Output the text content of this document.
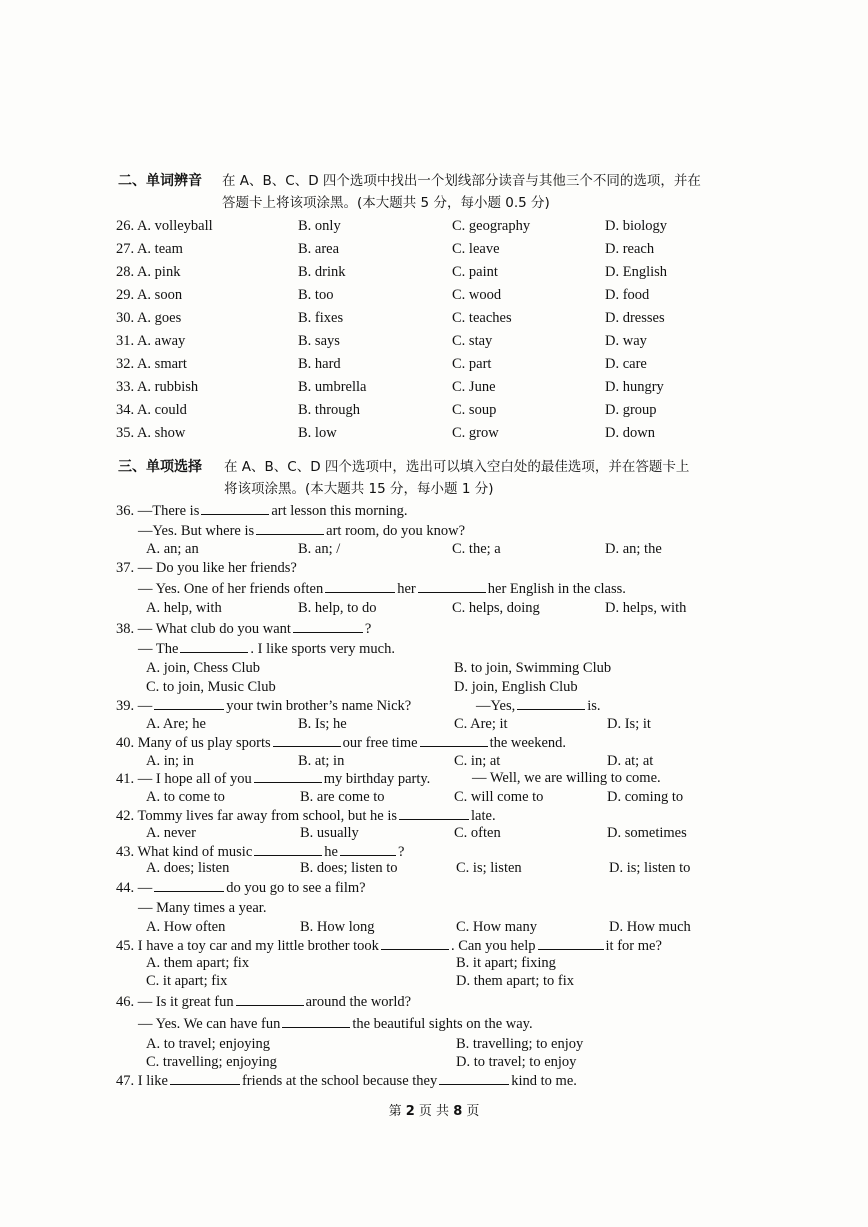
二、单词辨音 在 A、B、C、D 四个选项中找出一个划线部分读音与其他三个不同的选项，并在
答题卡上将该项涂黑。(本大题共 5 分，每小题 0.5 分)
26. A. volleyball	B. only	C. geography	D. biology
27. A. team	B. area	C. leave	D. reach
28. A. pink	B. drink	C. paint	D. English
29. A. soon	B. too	C. wood	D. food
30. A. goes	B. fixes	C. teaches	D. dresses
31. A. away	B. says	C. stay	D. way
32. A. smart	B. hard	C. part	D. care
33. A. rubbish	B. umbrella	C. June	D. hungry
34. A. could	B. through	C. soup	D. group
35. A. show	B. low	C. grow	D. down
三、单项选择 在 A、B、C、D 四个选项中，选出可以填入空白处的最佳选项，并在答题卡上
将该项涂黑。(本大题共 15 分，每小题 1 分)
36. —There is	art lesson this morning.
—Yes. But where is	art room, do you know?
A. an; an	B. an; /	C. the; a	D. an; the
37. — Do you like her friends?
— Yes. One of her friends often	her	her English in the class.
A. help, with	B. help, to do	C. helps, doing	D. helps, with
38. — What club do you want	?
— The	. I like sports very much.
A. join, Chess Club	B. to join, Swimming Club
C. to join, Music Club	D. join, English Club
39. —	your twin brother’s name Nick?	—Yes,	is.
A. Are; he	B. Is; he	C. Are; it	D. Is; it
40. Many of us play sports	our free time	the weekend.
A. in; in	B. at; in	C. in; at	D. at; at
41. — I hope all of you	my birthday party.	— Well, we are willing to come.
A. to come to	B. are come to	C. will come to	D. coming to
42. Tommy lives far away from school, but he is	late.
A. never	B. usually	C. often	D. sometimes
43. What kind of music	he	?
A. does; listen	B. does; listen to	C. is; listen	D. is; listen to
44. —	do you go to see a film?
— Many times a year.
A. How often	B. How long	C. How many	D. How much
45. I have a toy car and my little brother took	. Can you help	it for me?
A. them apart; fix	B. it apart; fixing
C. it apart; fix	D. them apart; to fix
46. — Is it great fun	around the world?
— Yes. We can have fun	the beautiful sights on the way.
A. to travel; enjoying	B. travelling; to enjoy
C. travelling; enjoying	D. to travel; to enjoy
47. I like	friends at the school because they	kind to me.
第 2 页 共 8 页
